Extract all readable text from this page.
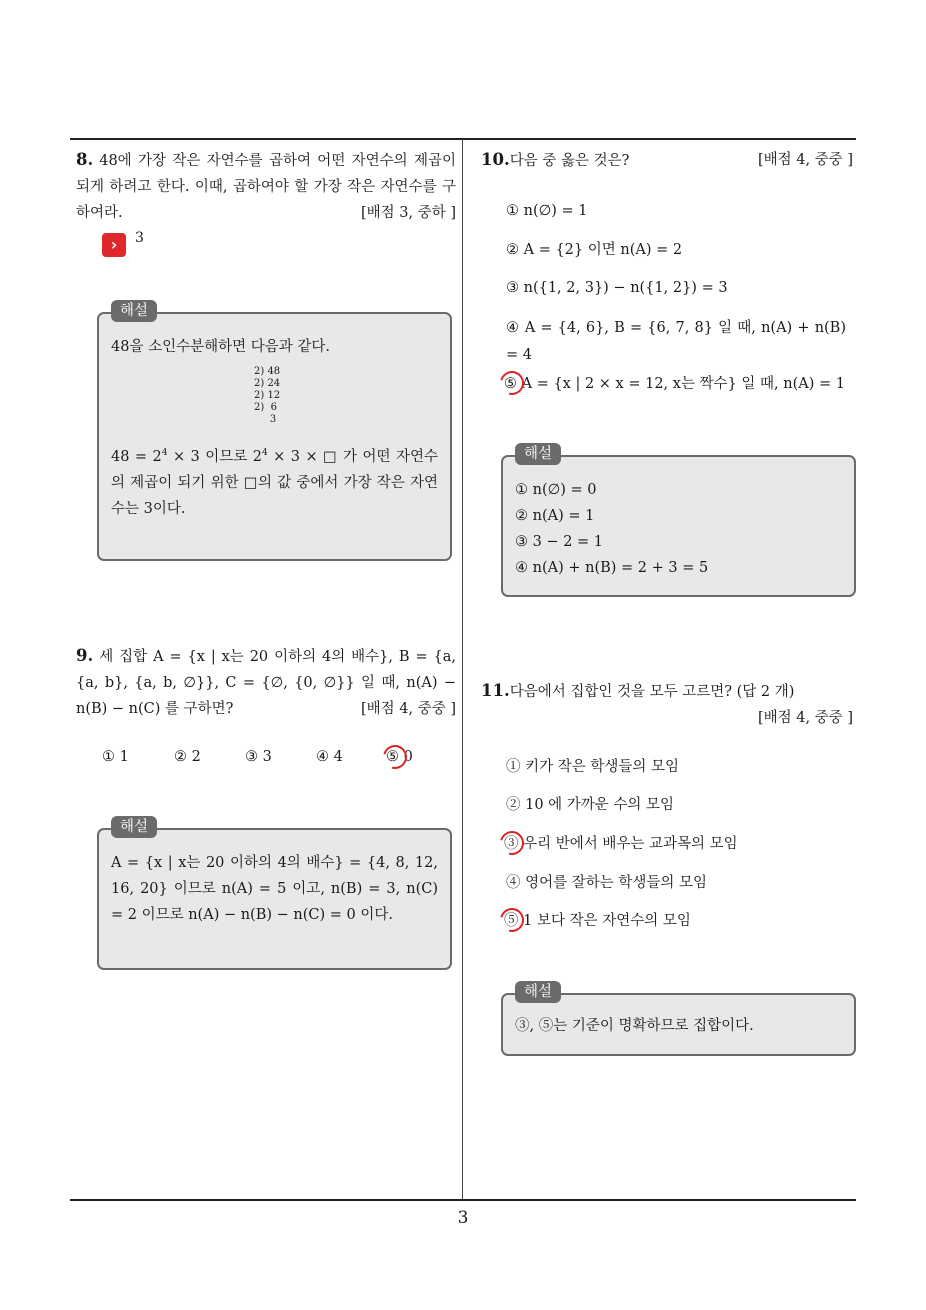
3
8. 48에 가장 작은 자연수를 곱하여 어떤 자연수의 제곱이 되게 하려고 한다. 이때, 곱하여야 할 가장 작은 자연수를 구하여라.	[배점 3, 중하 ]
›	3
해설
48을 소인수분해하면 다음과 같다.
2) 48
2) 24
2) 12
2)  6
3
$48 = 2^4 \times 3$ 이므로 $2^4 \times 3$ × □ 가 어떤 자연수의 제곱이 되기 위한 □의 값 중에서 가장 작은 자연수는 3이다.
9. 세 집합 A = {x | x는 20 이하의 4의 배수}, B = {a, {a, b}, {a, b, ∅}}, C = {∅, {0, ∅}} 일 때, n(A) − n(B) − n(C) 를 구하면?	[배점 4, 중중 ]
① 1	② 2	③ 3	④ 4	⑤ 0
해설
A = {x | x는 20 이하의 4의 배수} = {4, 8, 12, 16, 20} 이므로 n(A) = 5 이고, n(B) = 3, n(C) = 2 이므로 n(A) − n(B) − n(C) = 0 이다.
10.다음 중 옳은 것은?	[배점 4, 중중 ]
① n(∅) = 1
② A = {2} 이면 n(A) = 2
③ n({1, 2, 3}) − n({1, 2}) = 3
④ A = {4, 6}, B = {6, 7, 8} 일 때, n(A) + n(B) = 4
⑤ A = {x | 2 × x = 12, x는 짝수} 일 때, n(A) = 1
해설
① n(∅) = 0
② n(A) = 1
③ 3 − 2 = 1
④ n(A) + n(B) = 2 + 3 = 5
11.다음에서 집합인 것을 모두 고르면? (답 2 개)
[배점 4, 중중 ]
① 키가 작은 학생들의 모임
② 10 에 가까운 수의 모임
③ 우리 반에서 배우는 교과목의 모임
④ 영어를 잘하는 학생들의 모임
⑤ 1 보다 작은 자연수의 모임
해설
③, ⑤는 기준이 명확하므로 집합이다.
